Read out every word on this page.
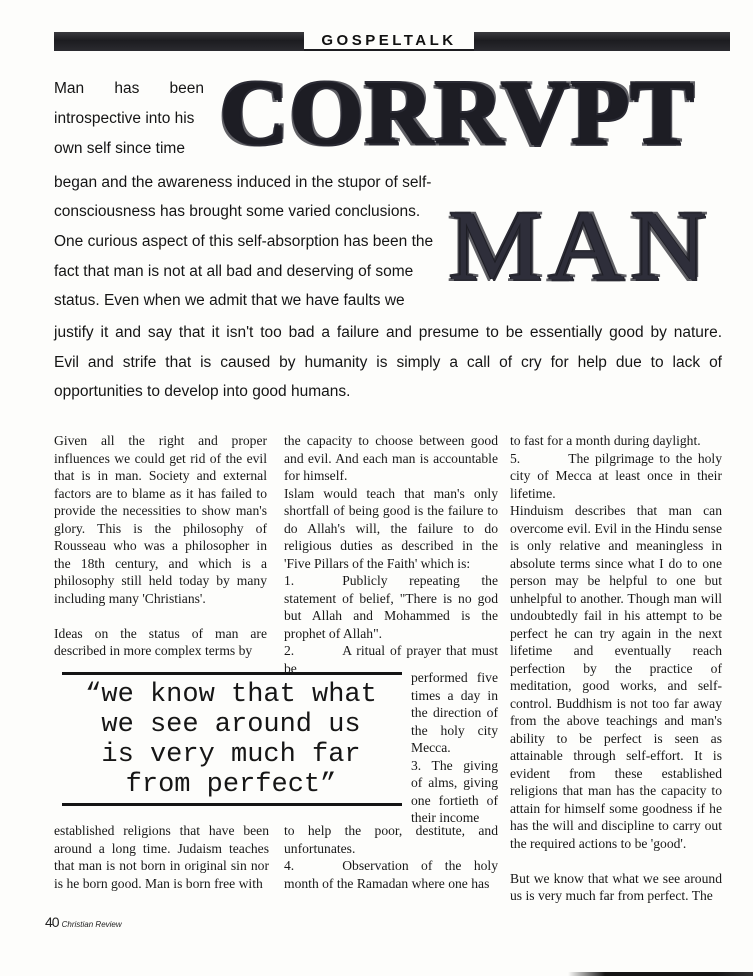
GOSPELTALK
CORRVPT
MAN
Man has been
introspective into his
own self since time
began and the awareness induced in the stupor of self-
consciousness has brought some varied conclusions.
One curious aspect of this self-absorption has been the
fact that man is not at all bad and deserving of some
status. Even when we admit that we have faults we
justify it and say that it isn't too bad a failure and presume to be essentially good by nature.
Evil and strife that is caused by humanity is simply a call of cry for help due to lack of
opportunities to develop into good humans.

Given all the right and proper influences we could get rid of the evil that is in man. Society and external factors are to blame as it has failed to provide the necessities to show man's glory. This is the philosophy of Rousseau who was a philosopher in the 18th century, and which is a philosophy still held today by many including many 'Christians'.

Ideas on the status of man are described in more complex terms by

“we know that what
we see around us
is very much far
from perfect”

established religions that have been around a long time. Judaism teaches that man is not born in original sin nor is he born good. Man is born free with

the capacity to choose between good and evil. And each man is accountable for himself.

Islam would teach that man's only shortfall of being good is the failure to do Allah's will, the failure to do religious duties as described in the 'Five Pillars of the Faith' which is:

1.	Publicly repeating the statement of belief, "There is no god but Allah and Mohammed is the prophet of Allah".

2.	A ritual of prayer that must be

performed five times a day in the direction of the holy city Mecca.

3. The giving of alms, giving one fortieth of their income

to help the poor, destitute, and unfortunates.

4.	Observation of the holy month of the Ramadan where one has

to fast for a month during daylight.

5.	The pilgrimage to the holy city of Mecca at least once in their lifetime.

Hinduism describes that man can overcome evil. Evil in the Hindu sense is only relative and meaningless in absolute terms since what I do to one person may be helpful to one but unhelpful to another. Though man will undoubtedly fail in his attempt to be perfect he can try again in the next lifetime and eventually reach perfection by the practice of meditation, good works, and self-control. Buddhism is not too far away from the above teachings and man's ability to be perfect is seen as attainable through self-effort. It is evident from these established religions that man has the capacity to attain for himself some goodness if he has the will and discipline to carry out the required actions to be 'good'.

But we know that what we see around us is very much far from perfect. The

40 Christian Review
